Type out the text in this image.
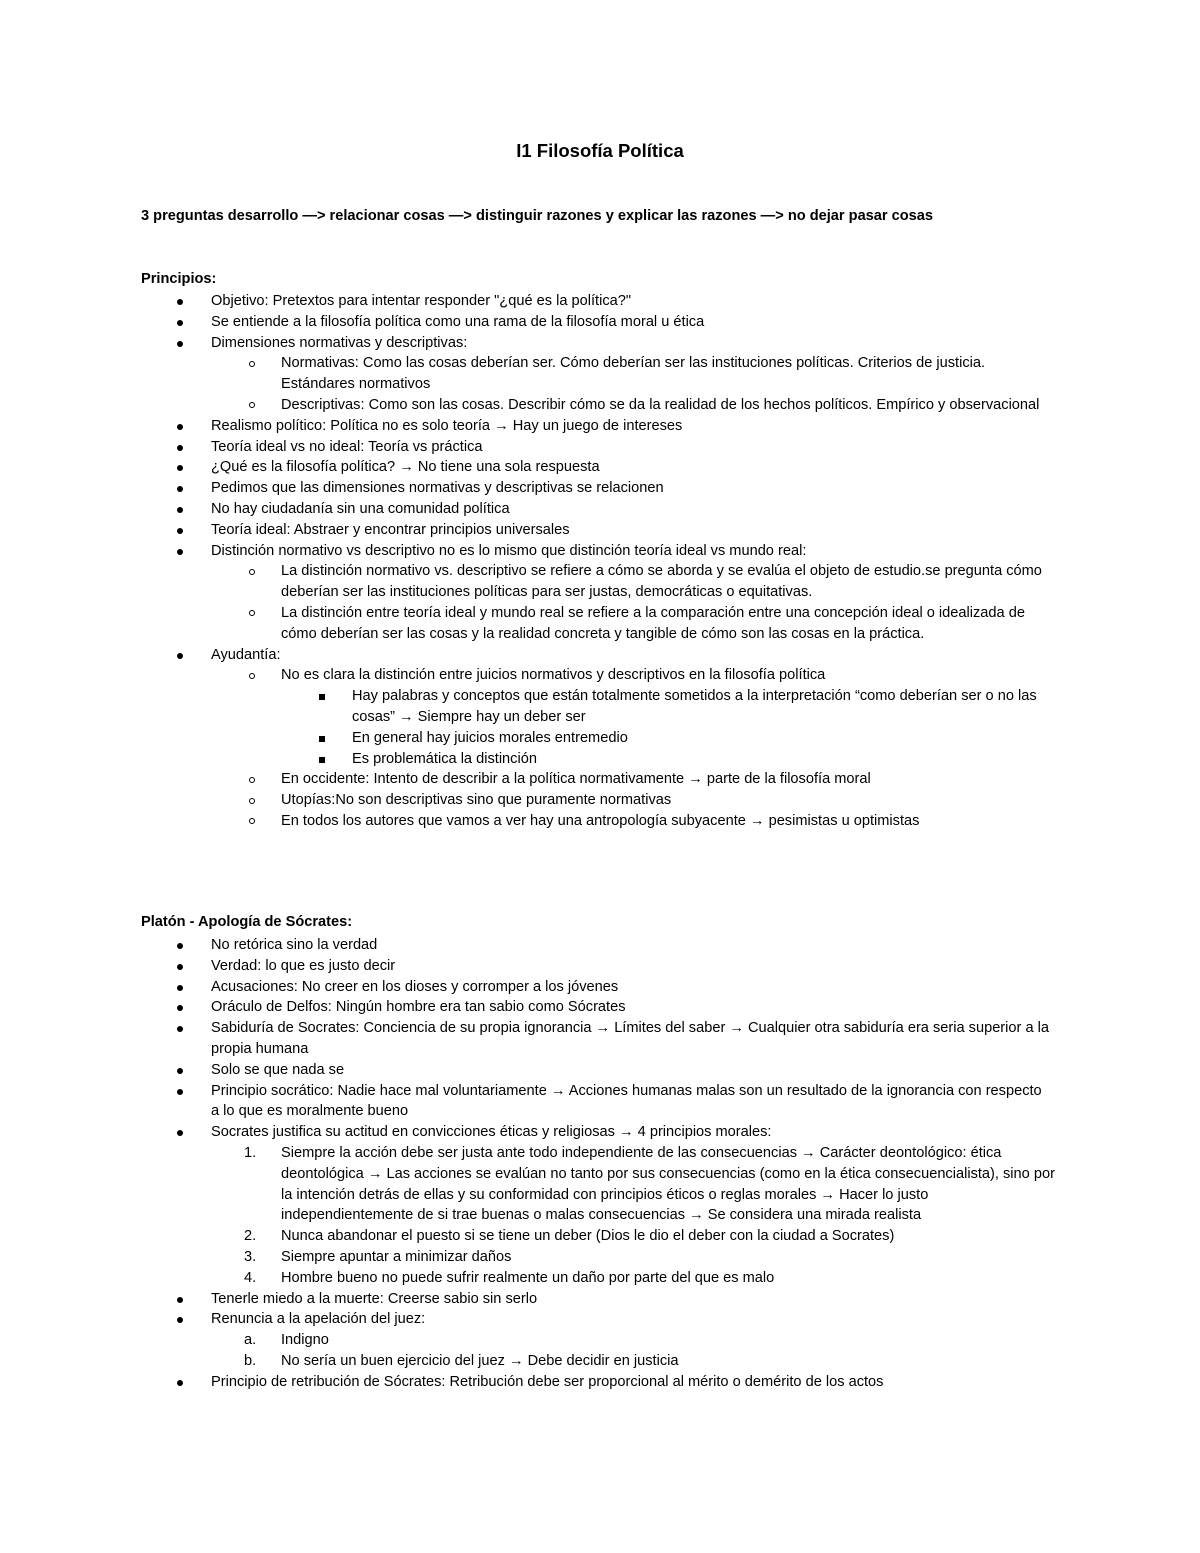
I1 Filosofía Política
3 preguntas desarrollo —> relacionar cosas —> distinguir razones y explicar las razones —> no dejar pasar cosas
Principios:
Objetivo: Pretextos para intentar responder "¿qué es la política?"
Se entiende a la filosofía política como una rama de la filosofía moral u ética
Dimensiones normativas y descriptivas:
Normativas: Como las cosas deberían ser. Cómo deberían ser las instituciones políticas. Criterios de justicia. Estándares normativos
Descriptivas: Como son las cosas. Describir cómo se da la realidad de los hechos políticos. Empírico y observacional
Realismo político: Política no es solo teoría → Hay un juego de intereses
Teoría ideal vs no ideal: Teoría vs práctica
¿Qué es la filosofía política? → No tiene una sola respuesta
Pedimos que las dimensiones normativas y descriptivas se relacionen
No hay ciudadanía sin una comunidad política
Teoría ideal: Abstraer y encontrar principios universales
Distinción normativo vs descriptivo no es lo mismo que distinción teoría ideal vs mundo real:
La distinción normativo vs. descriptivo se refiere a cómo se aborda y se evalúa el objeto de estudio.se pregunta cómo deberían ser las instituciones políticas para ser justas, democráticas o equitativas.
La distinción entre teoría ideal y mundo real se refiere a la comparación entre una concepción ideal o idealizada de cómo deberían ser las cosas y la realidad concreta y tangible de cómo son las cosas en la práctica.
Ayudantía:
No es clara la distinción entre juicios normativos y descriptivos en la filosofía política
Hay palabras y conceptos que están totalmente sometidos a la interpretación “como deberían ser o no las cosas” → Siempre hay un deber ser
En general hay juicios morales entremedio
Es problemática la distinción
En occidente: Intento de describir a la política normativamente → parte de la filosofía moral
Utopías:No son descriptivas sino que puramente normativas
En todos los autores que vamos a ver hay una antropología subyacente → pesimistas u optimistas
Platón - Apología de Sócrates:
No retórica sino la verdad
Verdad: lo que es justo decir
Acusaciones: No creer en los dioses y corromper a los jóvenes
Oráculo de Delfos: Ningún hombre era tan sabio como Sócrates
Sabiduría de Socrates: Conciencia de su propia ignorancia → Límites del saber → Cualquier otra sabiduría era seria superior a la propia humana
Solo se que nada se
Principio socrático: Nadie hace mal voluntariamente → Acciones humanas malas son un resultado de la ignorancia con respecto a lo que es moralmente bueno
Socrates justifica su actitud en convicciones éticas y religiosas → 4 principios morales:
1. Siempre la acción debe ser justa ante todo independiente de las consecuencias → Carácter deontológico: ética deontológica → Las acciones se evalúan no tanto por sus consecuencias (como en la ética consecuencialista), sino por la intención detrás de ellas y su conformidad con principios éticos o reglas morales → Hacer lo justo independientemente de si trae buenas o malas consecuencias → Se considera una mirada realista
2. Nunca abandonar el puesto si se tiene un deber (Dios le dio el deber con la ciudad a Socrates)
3. Siempre apuntar a minimizar daños
4. Hombre bueno no puede sufrir realmente un daño por parte del que es malo
Tenerle miedo a la muerte: Creerse sabio sin serlo
Renuncia a la apelación del juez:
a. Indigno
b. No sería un buen ejercicio del juez → Debe decidir en justicia
Principio de retribución de Sócrates: Retribución debe ser proporcional al mérito o demérito de los actos
